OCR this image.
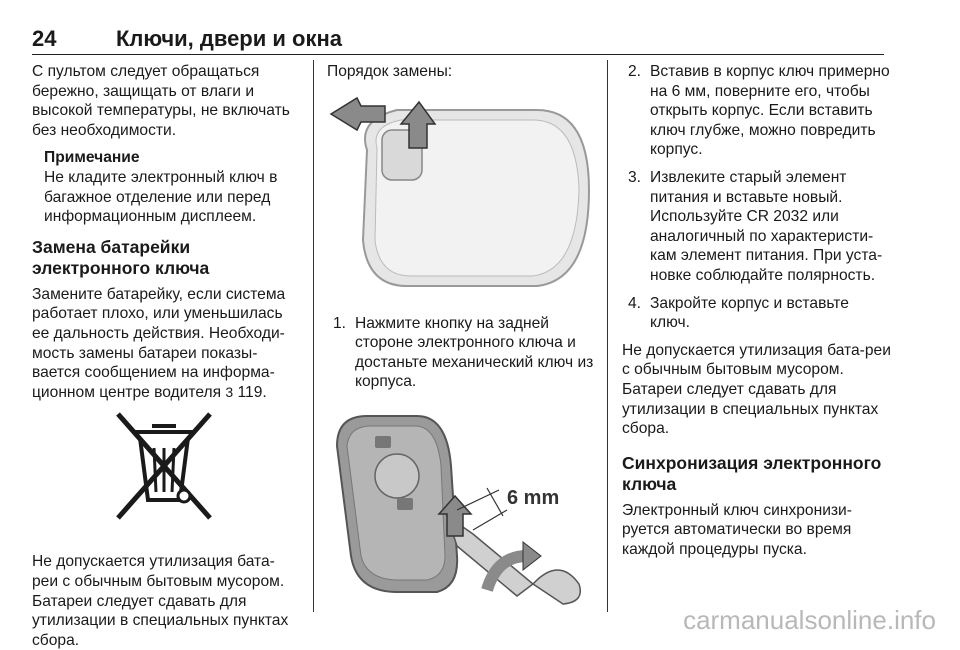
24	Ключи, двери и окна

С пультом следует обращаться бережно, защищать от влаги и высокой температуры, не включать без необходимости.

Примечание

Не кладите электронный ключ в багажное отделение или перед информационным дисплеем.

Замена батарейки электронного ключа

Замените батарейку, если система работает плохо, или уменьшилась ее дальность действия. Необходи-мость замены батареи показы-вается сообщением на информа-ционном центре водителя 3 119.

Не допускается утилизация бата-реи с обычным бытовым мусором. Батареи следует сдавать для утилизации в специальных пунктах сбора.

Порядок замены:

1. Нажмите кнопку на задней стороне электронного ключа и достаньте механический ключ из корпуса.
6 mm
2. Вставив в корпус ключ примерно на 6 мм, поверните его, чтобы открыть корпус. Если вставить ключ глубже, можно повредить корпус.
3. Извлеките старый элемент питания и вставьте новый. Используйте CR 2032 или аналогичный по характеристи-кам элемент питания. При уста-новке соблюдайте полярность.
4. Закройте корпус и вставьте ключ.

Не допускается утилизация бата-реи с обычным бытовым мусором. Батареи следует сдавать для утилизации в специальных пунктах сбора.

Синхронизация электронного ключа

Электронный ключ синхронизи-руется автоматически во время каждой процедуры пуска.

carmanualsonline.info
